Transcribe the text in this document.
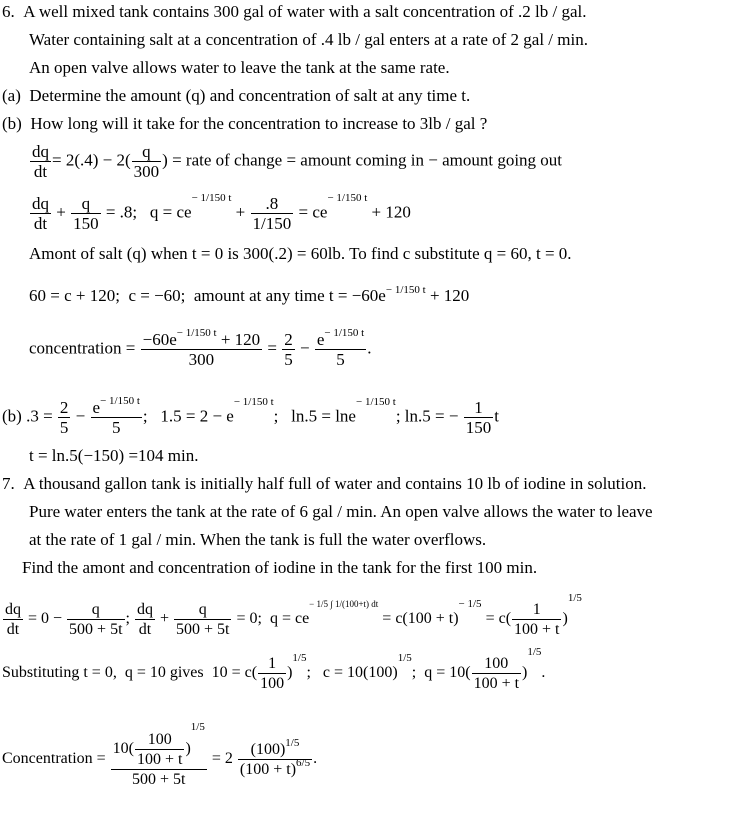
6.  A well mixed tank contains 300 gal of water with a salt concentration of .2 lb / gal.
Water containing salt at a concentration of .4 lb / gal enters at a rate of 2 gal / min.
An open valve allows water to leave the tank at the same rate.
(a)  Determine the amount (q) and concentration of salt at any time t.
(b)  How long will it take for the concentration to increase to 3lb / gal ?
$\frac{dq}{dt} = 2(.4) - 2( \frac{q}{300}$ ) = rate of change = amount coming in − amount going out
$\frac{dq}{dt} + \frac{q}{150} = .8$;   $q = ce^{- 1/150 t} + \frac{.8}{1/150} = ce^{- 1/150 t} + 120$
Amont of salt (q) when t = 0 is 300(.2) = 60lb. To find c substitute q = 60, t = 0.
60 = c + 120;  c = −60;  amount at any time $t = -60e^{- 1/150 t} + 120$
concentration = $\frac{-60e^{- 1/150 t} + 120}{300} = \frac{2}{5} - \frac{e^{- 1/150 t}}{5}$ .
(b) $.3 = \frac{2}{5} - \frac{e^{- 1/150 t}}{5}$ ;   $1.5 = 2 - e^{- 1/150 t}$;   ln.5 = lne$^{- 1/150 t}$; ln.5 = − $\frac{1}{150}$ t
t = ln.5(−150) =104 min.
7.  A thousand gallon tank is initially half full of water and contains 10 lb of iodine in solution.
Pure water enters the tank at the rate of 6 gal / min. An open valve allows the water to leave
at the rate of 1 gal / min. When the tank is full the water overflows.
Find the amont and concentration of iodine in the tank for the first 100 min.
$\frac{dq}{dt} = 0 - \frac{q}{500 + 5t}$ ; $\frac{dq}{dt} + \frac{q}{500 + 5t} = 0$;  $q = ce^{- 1/5 \int 1/(100+t) dt} = c(100 + t)^{- 1/5} = c( \frac{1}{100 + t} )^{1/5}$
Substituting t = 0,  q = 10 gives  $10 = c( \frac{1}{100} )^{1/5}$;   $c = 10(100)^{1/5}$;  $q = 10( \frac{100}{100 + t} )^{1/5}$.
Concentration = $\frac{10( \frac{100}{100 + t} )^{1/5}}{500 + 5t} = 2 \frac{(100)^{1/5}}{(100 + t)^{6/5}}$ .
